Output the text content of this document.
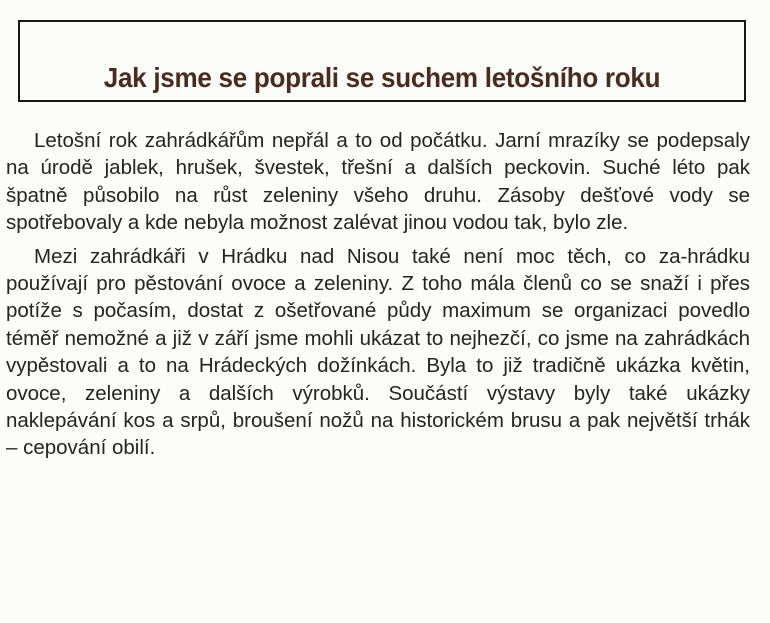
Jak jsme se poprali se suchem letošního roku

Letošní rok zahrádkářům nepřál a to od počátku. Jarní mrazíky se podepsaly na úrodě jablek, hrušek, švestek, třešní a dalších peckovin. Suché léto pak špatně působilo na růst zeleniny všeho druhu. Zásoby dešťové vody se spotřebovaly a kde nebyla možnost zalévat jinou vodou tak, bylo zle.

Mezi zahrádkáři v Hrádku nad Nisou také není moc těch, co za-hrádku používají pro pěstování ovoce a zeleniny. Z toho mála členů co se snaží i přes potíže s počasím, dostat z ošetřované půdy maximum se organizaci povedlo téměř nemožné a již v září jsme mohli ukázat to nejhezčí, co jsme na zahrádkách vypěstovali a to na Hrádeckých dožínkách. Byla to již tradičně ukázka květin, ovoce, zeleniny a dalších výrobků. Součástí výstavy byly také ukázky naklepávání kos a srpů, broušení nožů na historickém brusu a pak největší trhák – cepování obilí.
